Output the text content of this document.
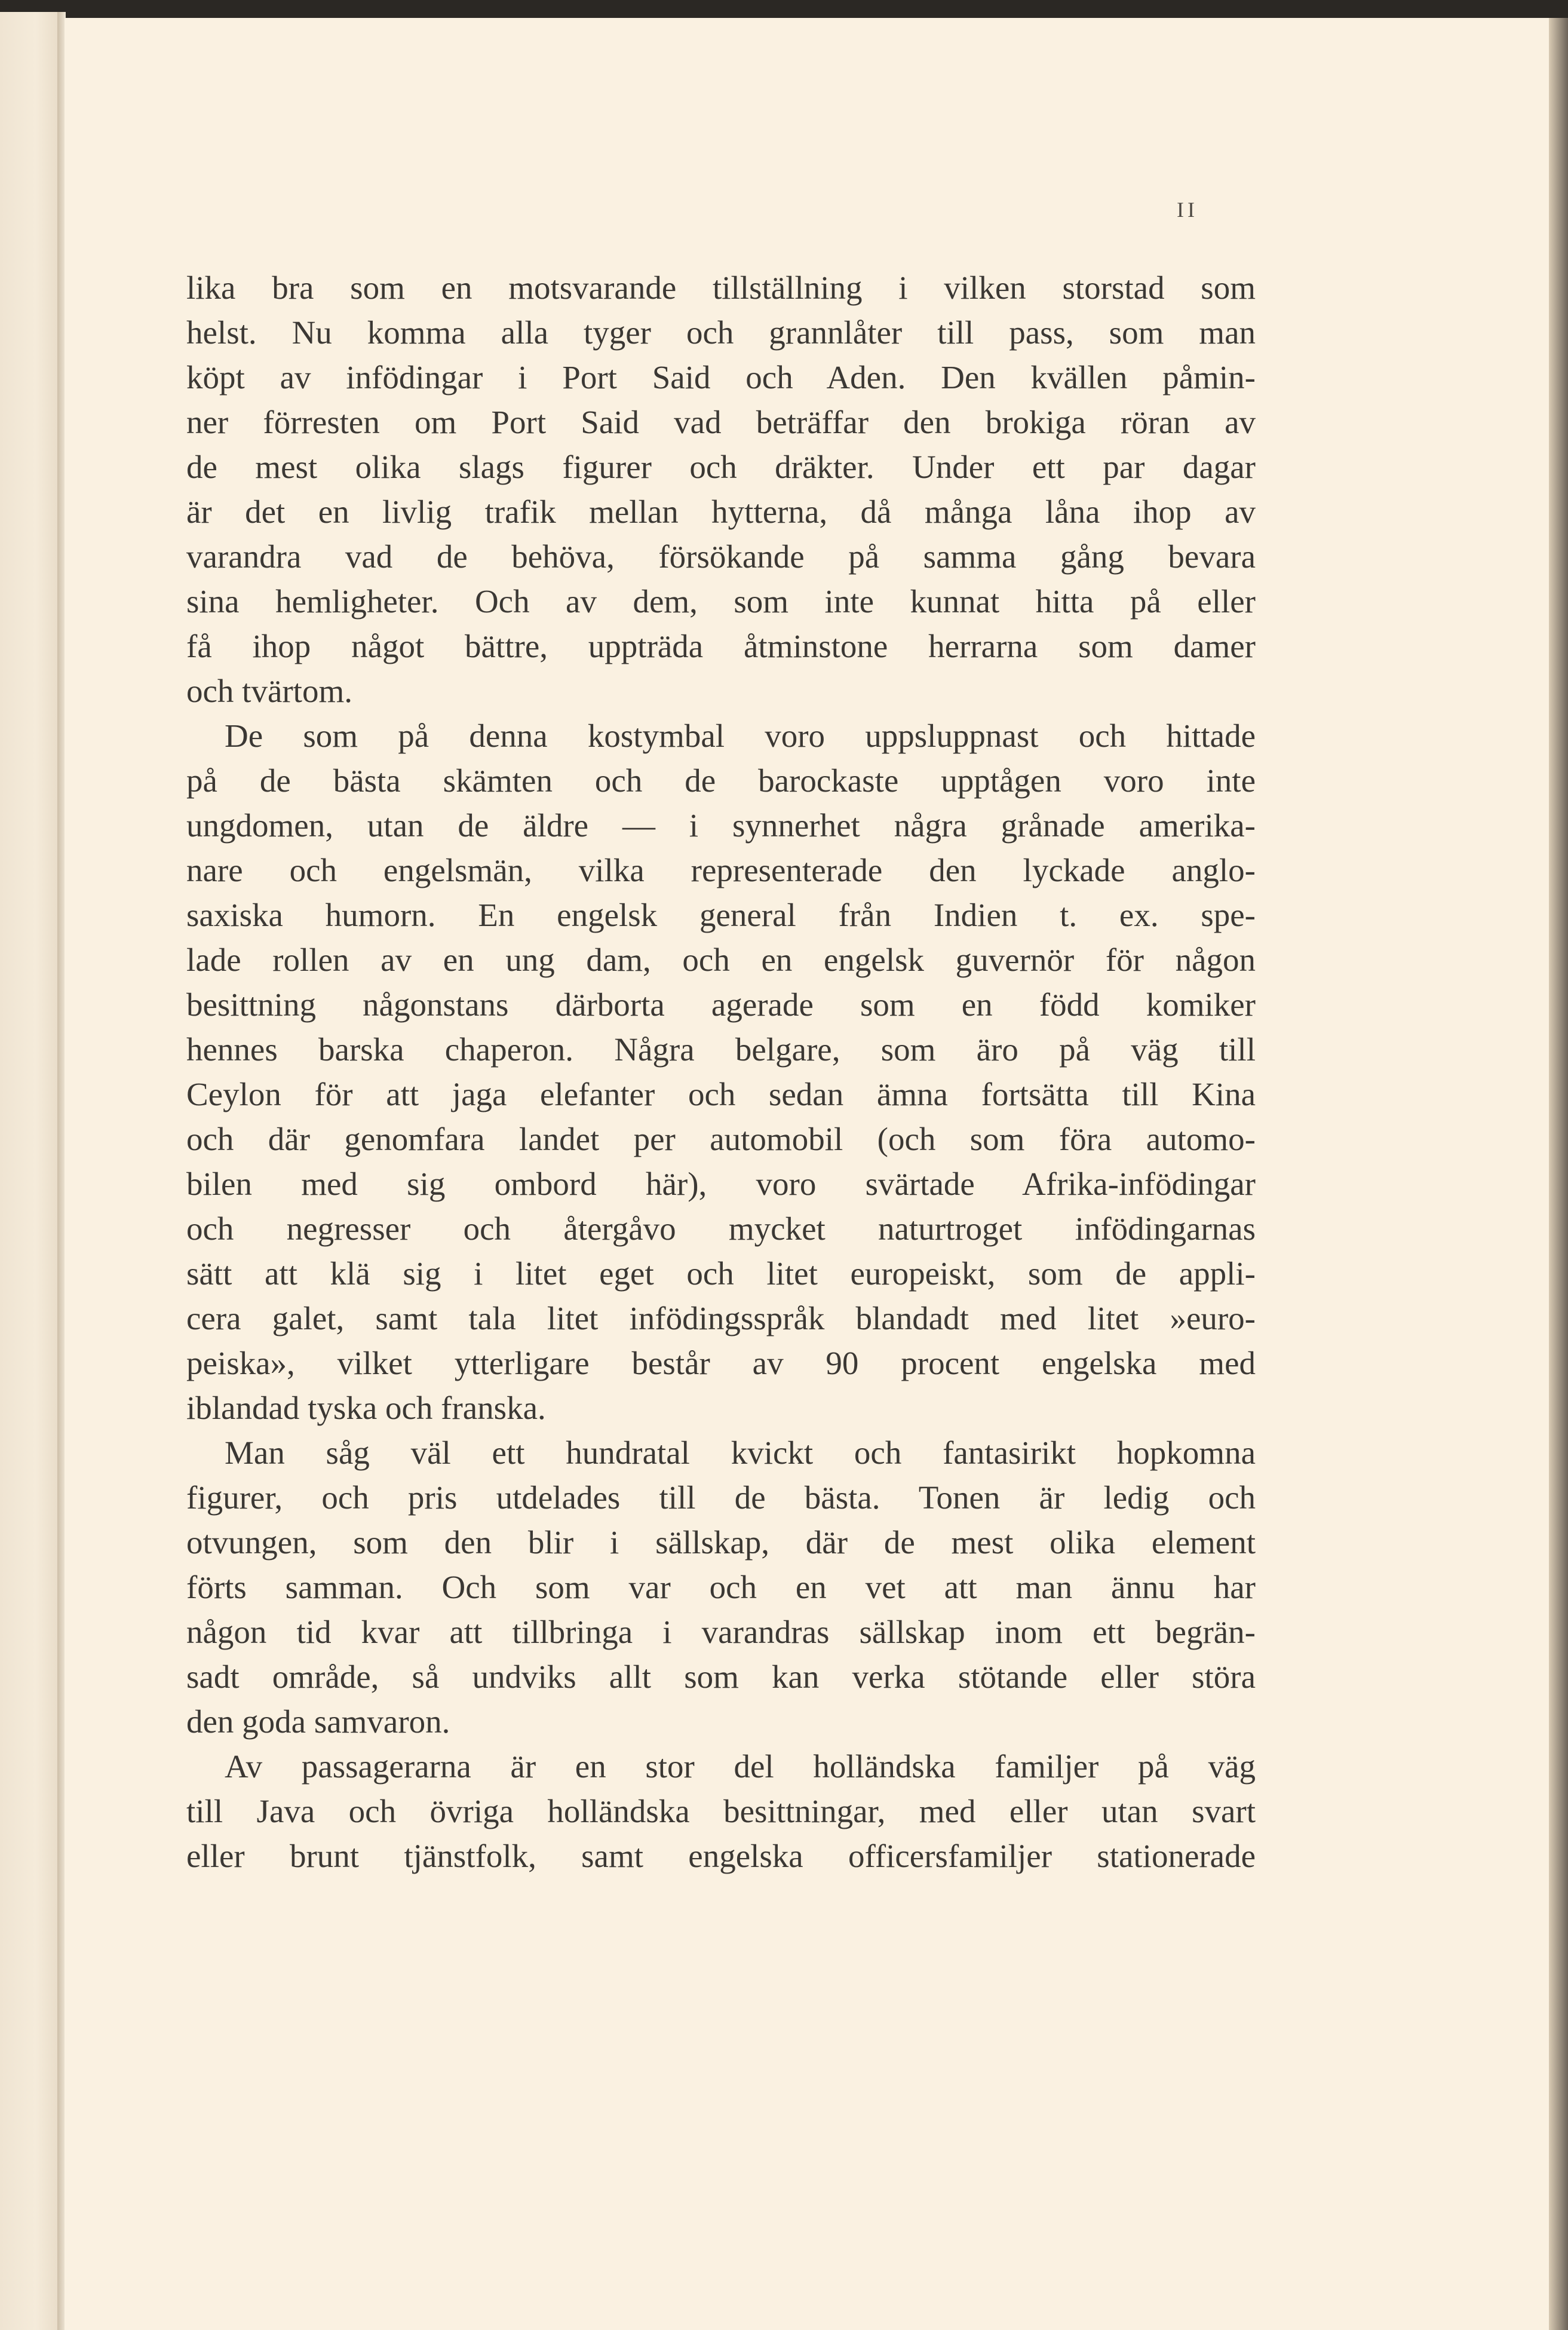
II
lika bra som en motsvarande tillställning i vilken storstad som
helst. Nu komma alla tyger och grannlåter till pass, som man
köpt av infödingar i Port Said och Aden. Den kvällen påmin-
ner förresten om Port Said vad beträffar den brokiga röran av
de mest olika slags figurer och dräkter. Under ett par dagar
är det en livlig trafik mellan hytterna, då många låna ihop av
varandra vad de behöva, försökande på samma gång bevara
sina hemligheter. Och av dem, som inte kunnat hitta på eller
få ihop något bättre, uppträda åtminstone herrarna som damer
och tvärtom.
De som på denna kostymbal voro uppsluppnast och hittade
på de bästa skämten och de barockaste upptågen voro inte
ungdomen, utan de äldre — i synnerhet några grånade amerika-
nare och engelsmän, vilka representerade den lyckade anglo-
saxiska humorn. En engelsk general från Indien t. ex. spe-
lade rollen av en ung dam, och en engelsk guvernör för någon
besittning någonstans därborta agerade som en född komiker
hennes barska chaperon. Några belgare, som äro på väg till
Ceylon för att jaga elefanter och sedan ämna fortsätta till Kina
och där genomfara landet per automobil (och som föra automo-
bilen med sig ombord här), voro svärtade Afrika-infödingar
och negresser och återgåvo mycket naturtroget infödingarnas
sätt att klä sig i litet eget och litet europeiskt, som de appli-
cera galet, samt tala litet infödingsspråk blandadt med litet »euro-
peiska», vilket ytterligare består av 90 procent engelska med
iblandad tyska och franska.
Man såg väl ett hundratal kvickt och fantasirikt hopkomna
figurer, och pris utdelades till de bästa. Tonen är ledig och
otvungen, som den blir i sällskap, där de mest olika element
förts samman. Och som var och en vet att man ännu har
någon tid kvar att tillbringa i varandras sällskap inom ett begrän-
sadt område, så undviks allt som kan verka stötande eller störa
den goda samvaron.
Av passagerarna är en stor del holländska familjer på väg
till Java och övriga holländska besittningar, med eller utan svart
eller brunt tjänstfolk, samt engelska officersfamiljer stationerade
